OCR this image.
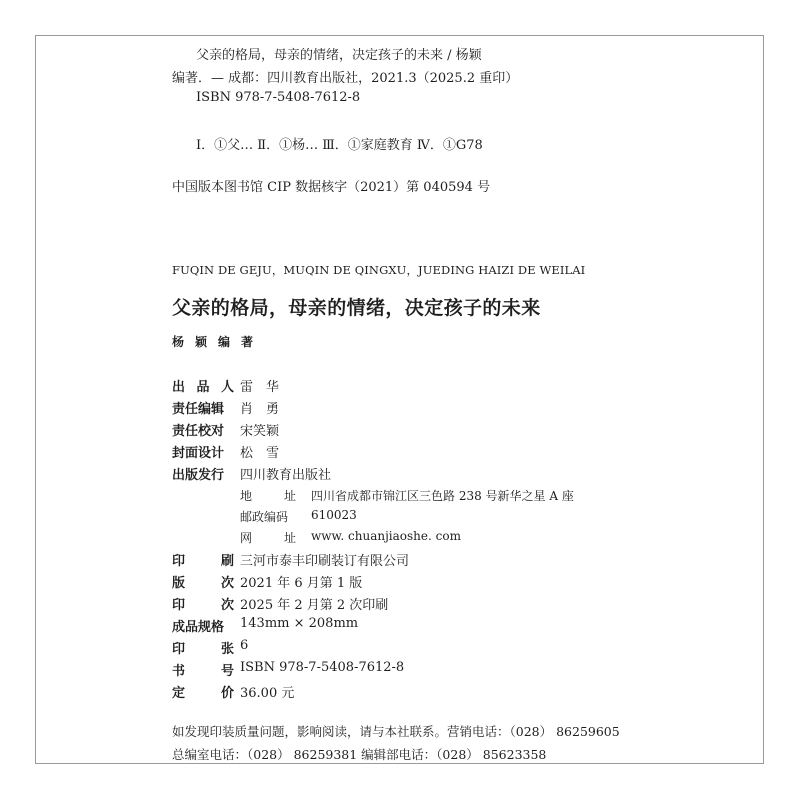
父亲的格局，母亲的情绪，决定孩子的未来 / 杨颖
编著．— 成都：四川教育出版社，2021.3（2025.2 重印）
ISBN 978-7-5408-7612-8
Ⅰ．①父… Ⅱ．①杨… Ⅲ．①家庭教育 Ⅳ．①G78
中国版本图书馆 CIP 数据核字（2021）第 040594 号
FUQIN DE GEJU，MUQIN DE QINGXU，JUEDING HAIZI DE WEILAI
父亲的格局，母亲的情绪，决定孩子的未来
杨颖编著
出 品 人 雷　华
责任编辑	肖　勇
责任校对	宋笑颖
封面设计	松　雪
出版发行	四川教育出版社
地	址 四川省成都市锦江区三色路 238 号新华之星 A 座
邮政编码	610023
网	址 www. chuanjiaoshe. com
印	刷 三河市泰丰印刷装订有限公司
版	次 2021 年 6 月第 1 版
印	次 2025 年 2 月第 2 次印刷
成品规格	143mm × 208mm
印	张 6
书	号 ISBN 978-7-5408-7612-8
定	价 36.00 元
如发现印装质量问题，影响阅读，请与本社联系。营销电话：（028） 86259605
总编室电话：（028） 86259381 编辑部电话：（028） 85623358
